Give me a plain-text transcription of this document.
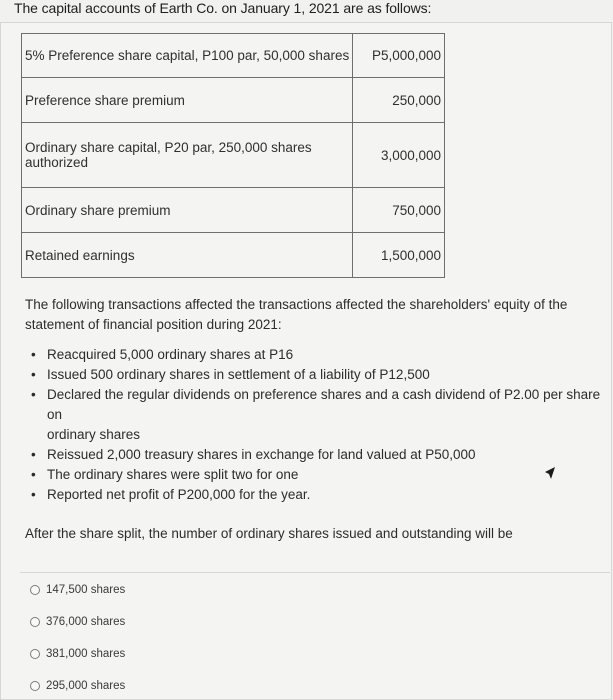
The capital accounts of Earth Co. on January 1, 2021 are as follows:
5% Preference share capital, P100 par, 50,000 shares	P5,000,000
Preference share premium	250,000
Ordinary share capital, P20 par, 250,000 shares
authorized	3,000,000
Ordinary share premium	750,000
Retained earnings	1,500,000
The following transactions affected the transactions affected the shareholders' equity of the
statement of financial position during 2021:
• Reacquired 5,000 ordinary shares at P16
• Issued 500 ordinary shares in settlement of a liability of P12,500
• Declared the regular dividends on preference shares and a cash dividend of P2.00 per share on
ordinary shares
• Reissued 2,000 treasury shares in exchange for land valued at P50,000
• The ordinary shares were split two for one
• Reported net profit of P200,000 for the year.
After the share split, the number of ordinary shares issued and outstanding will be
147,500 shares
376,000 shares
381,000 shares
295,000 shares
